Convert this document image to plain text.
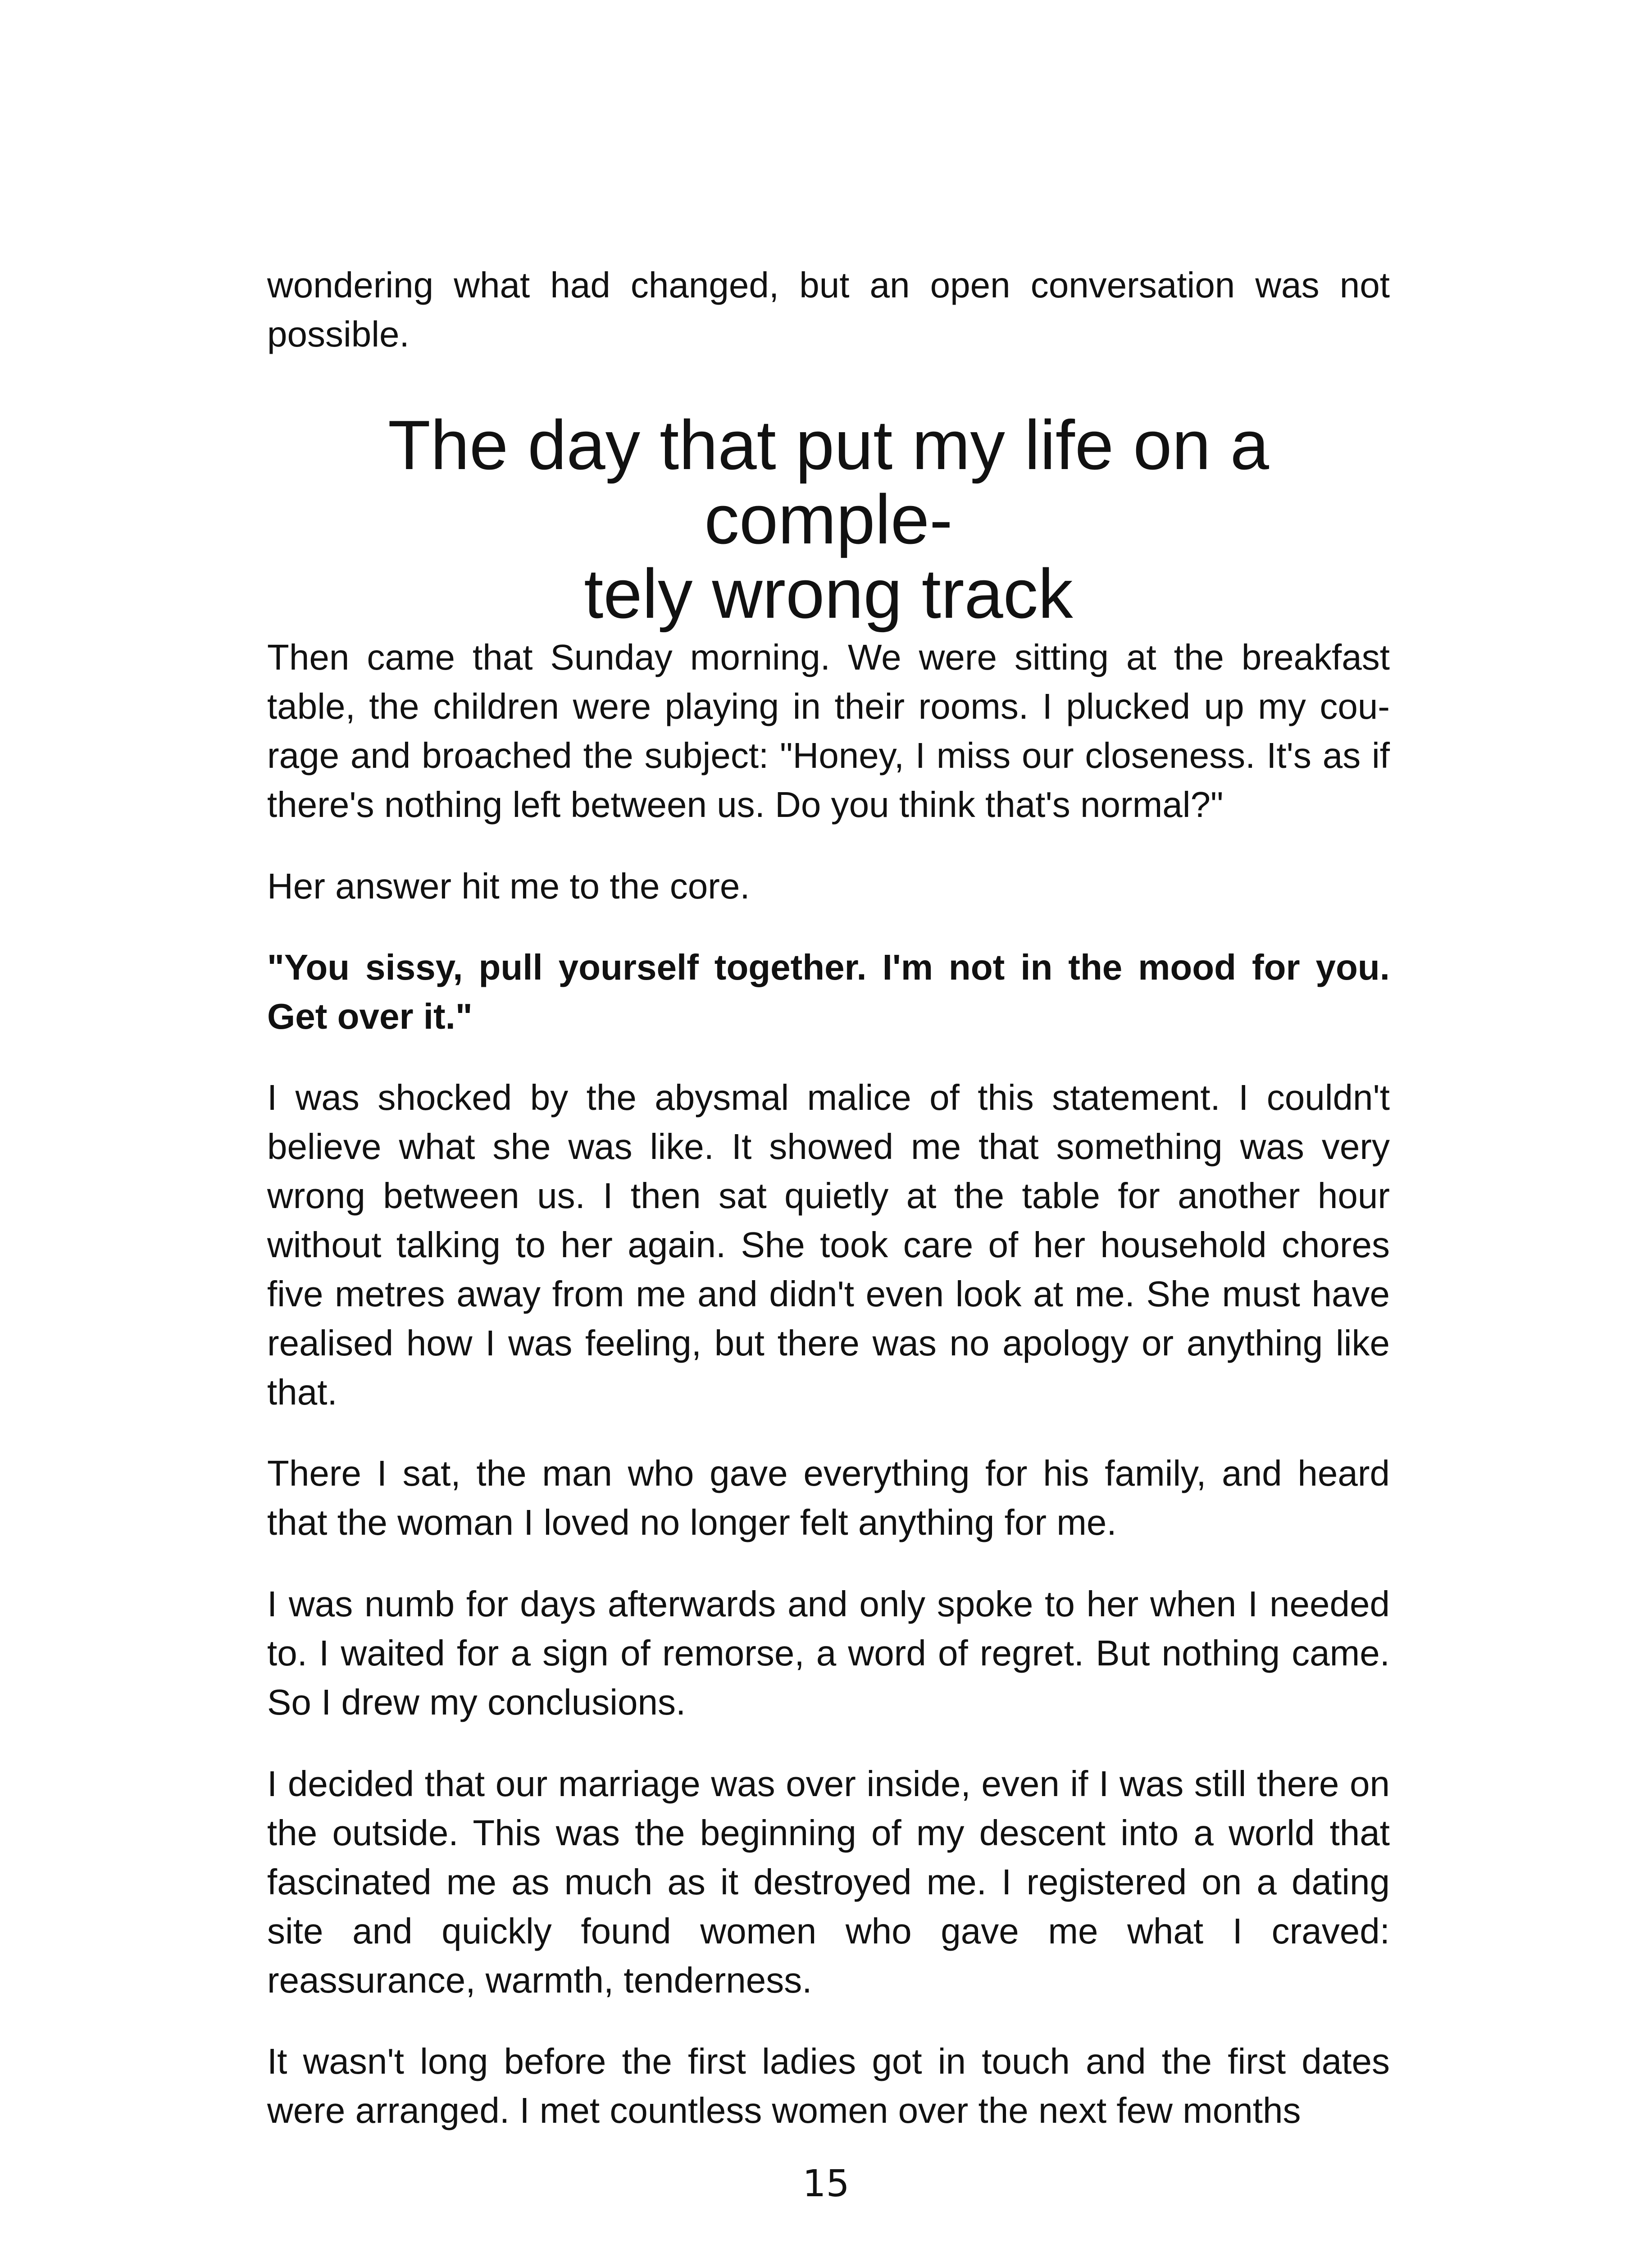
wondering what had changed, but an open conversation was not possible.

The day that put my life on a comple-
tely wrong track

Then came that Sunday morning. We were sitting at the breakfast table, the children were playing in their rooms. I plucked up my cou-rage and broached the subject: "Honey, I miss our closeness. It's as if there's nothing left between us. Do you think that's normal?"

Her answer hit me to the core.

"You sissy, pull yourself together. I'm not in the mood for you. Get over it."

I was shocked by the abysmal malice of this statement. I couldn't believe what she was like. It showed me that something was very wrong between us. I then sat quietly at the table for another hour without talking to her again. She took care of her household chores five metres away from me and didn't even look at me. She must have realised how I was feeling, but there was no apology or anything like that.

There I sat, the man who gave everything for his family, and heard that the woman I loved no longer felt anything for me.

I was numb for days afterwards and only spoke to her when I needed to. I waited for a sign of remorse, a word of regret. But nothing came. So I drew my conclusions.

I decided that our marriage was over inside, even if I was still there on the outside. This was the beginning of my descent into a world that fascinated me as much as it destroyed me. I registered on a dating site and quickly found women who gave me what I craved: reassurance, warmth, tenderness.

It wasn't long before the first ladies got in touch and the first dates were arranged. I met countless women over the next few months

15
